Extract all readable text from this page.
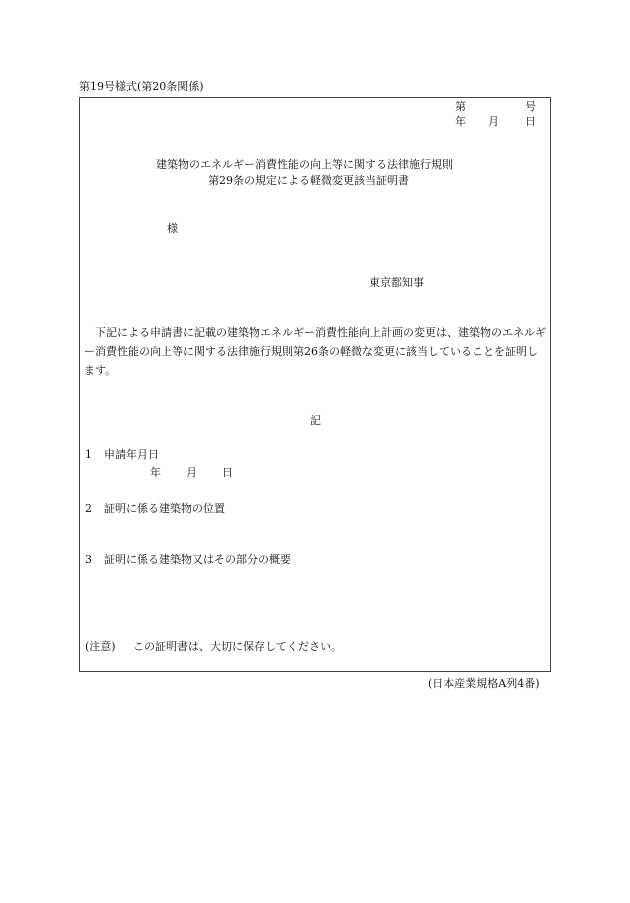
第19号様式(第20条関係)
第	号
年 月 日
建築物のエネルギー消費性能の向上等に関する法律施行規則
第29条の規定による軽微変更該当証明書
様
東京都知事
下記による申請書に記載の建築物エネルギー消費性能向上計画の変更は、建築物のエネルギー消費性能の向上等に関する法律施行規則第26条の軽微な変更に該当していることを証明します。
記
1 申請年月日
年 月 日
2 証明に係る建築物の位置
3 証明に係る建築物又はその部分の概要
(注意) この証明書は、大切に保存してください。
(日本産業規格A列4番)
